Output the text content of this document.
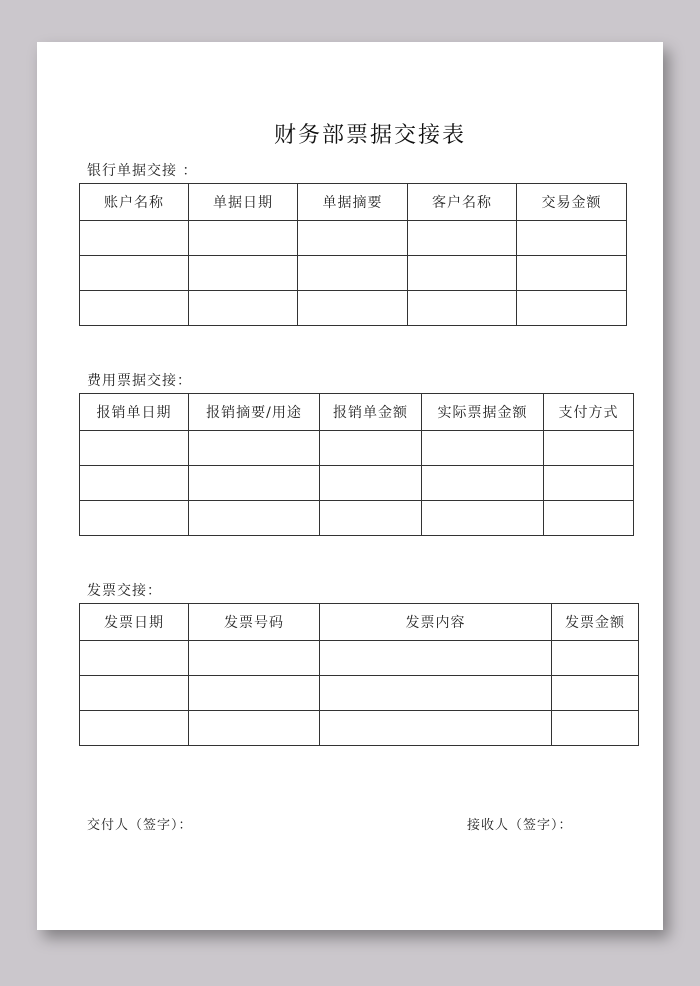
财务部票据交接表
银行单据交接 ：
账户名称	单据日期	单据摘要	客户名称	交易金额

费用票据交接：
报销单日期	报销摘要/用途	报销单金额	实际票据金额	支付方式

发票交接：
发票日期	发票号码	发票内容	发票金额

交付人（签字）：	接收人（签字）：
